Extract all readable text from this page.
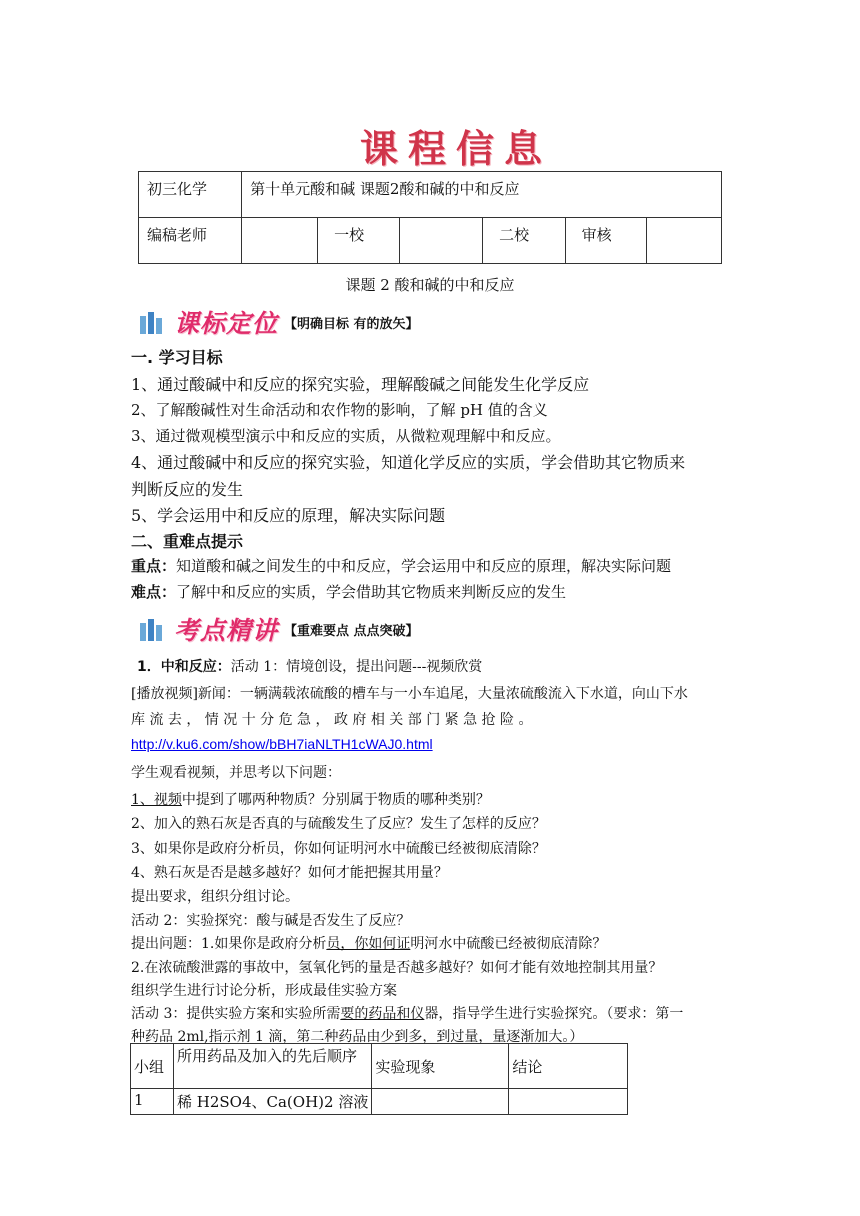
课程信息
初三化学	第十单元酸和碱 课题2酸和碱的中和反应					
编稿老师		一校		二校	审核	
课题 2 酸和碱的中和反应
课标定位 【明确目标 有的放矢】
一. 学习目标
1、通过酸碱中和反应的探究实验，理解酸碱之间能发生化学反应
2、了解酸碱性对生命活动和农作物的影响，了解 pH 值的含义
3、通过微观模型演示中和反应的实质，从微粒观理解中和反应。
4、通过酸碱中和反应的探究实验，知道化学反应的实质，学会借助其它物质来
判断反应的发生
5、学会运用中和反应的原理，解决实际问题
二、重难点提示
重点：知道酸和碱之间发生的中和反应，学会运用中和反应的原理，解决实际问题
难点：了解中和反应的实质，学会借助其它物质来判断反应的发生
考点精讲 【重难要点 点点突破】
1．中和反应：活动 1：情境创设，提出问题---视频欣赏
[播放视频]新闻：一辆满载浓硫酸的槽车与一小车追尾，大量浓硫酸流入下水道，向山下水
库 流 去 ， 情 况 十 分 危 急 ， 政 府 相 关 部 门 紧 急 抢 险 。
http://v.ku6.com/show/bBH7iaNLTH1cWAJ0.html
学生观看视频，并思考以下问题：
1、视频中提到了哪两种物质？分别属于物质的哪种类别？
2、加入的熟石灰是否真的与硫酸发生了反应？发生了怎样的反应？
3、如果你是政府分析员，你如何证明河水中硫酸已经被彻底清除？
4、熟石灰是否是越多越好？如何才能把握其用量？
提出要求，组织分组讨论。
活动 2：实验探究：酸与碱是否发生了反应？
提出问题：1.如果你是政府分析员，你如何证明河水中硫酸已经被彻底清除？
2.在浓硫酸泄露的事故中，氢氧化钙的量是否越多越好？如何才能有效地控制其用量？
组织学生进行讨论分析，形成最佳实验方案
活动 3：提供实验方案和实验所需要的药品和仪器，指导学生进行实验探究。（要求：第一
种药品 2ml,指示剂 1 滴，第二种药品由少到多，到过量，量逐渐加大。）
小组	所用药品及加入的先后顺序	实验现象	结论
1	稀 H2SO4、Ca(OH)2 溶液		
